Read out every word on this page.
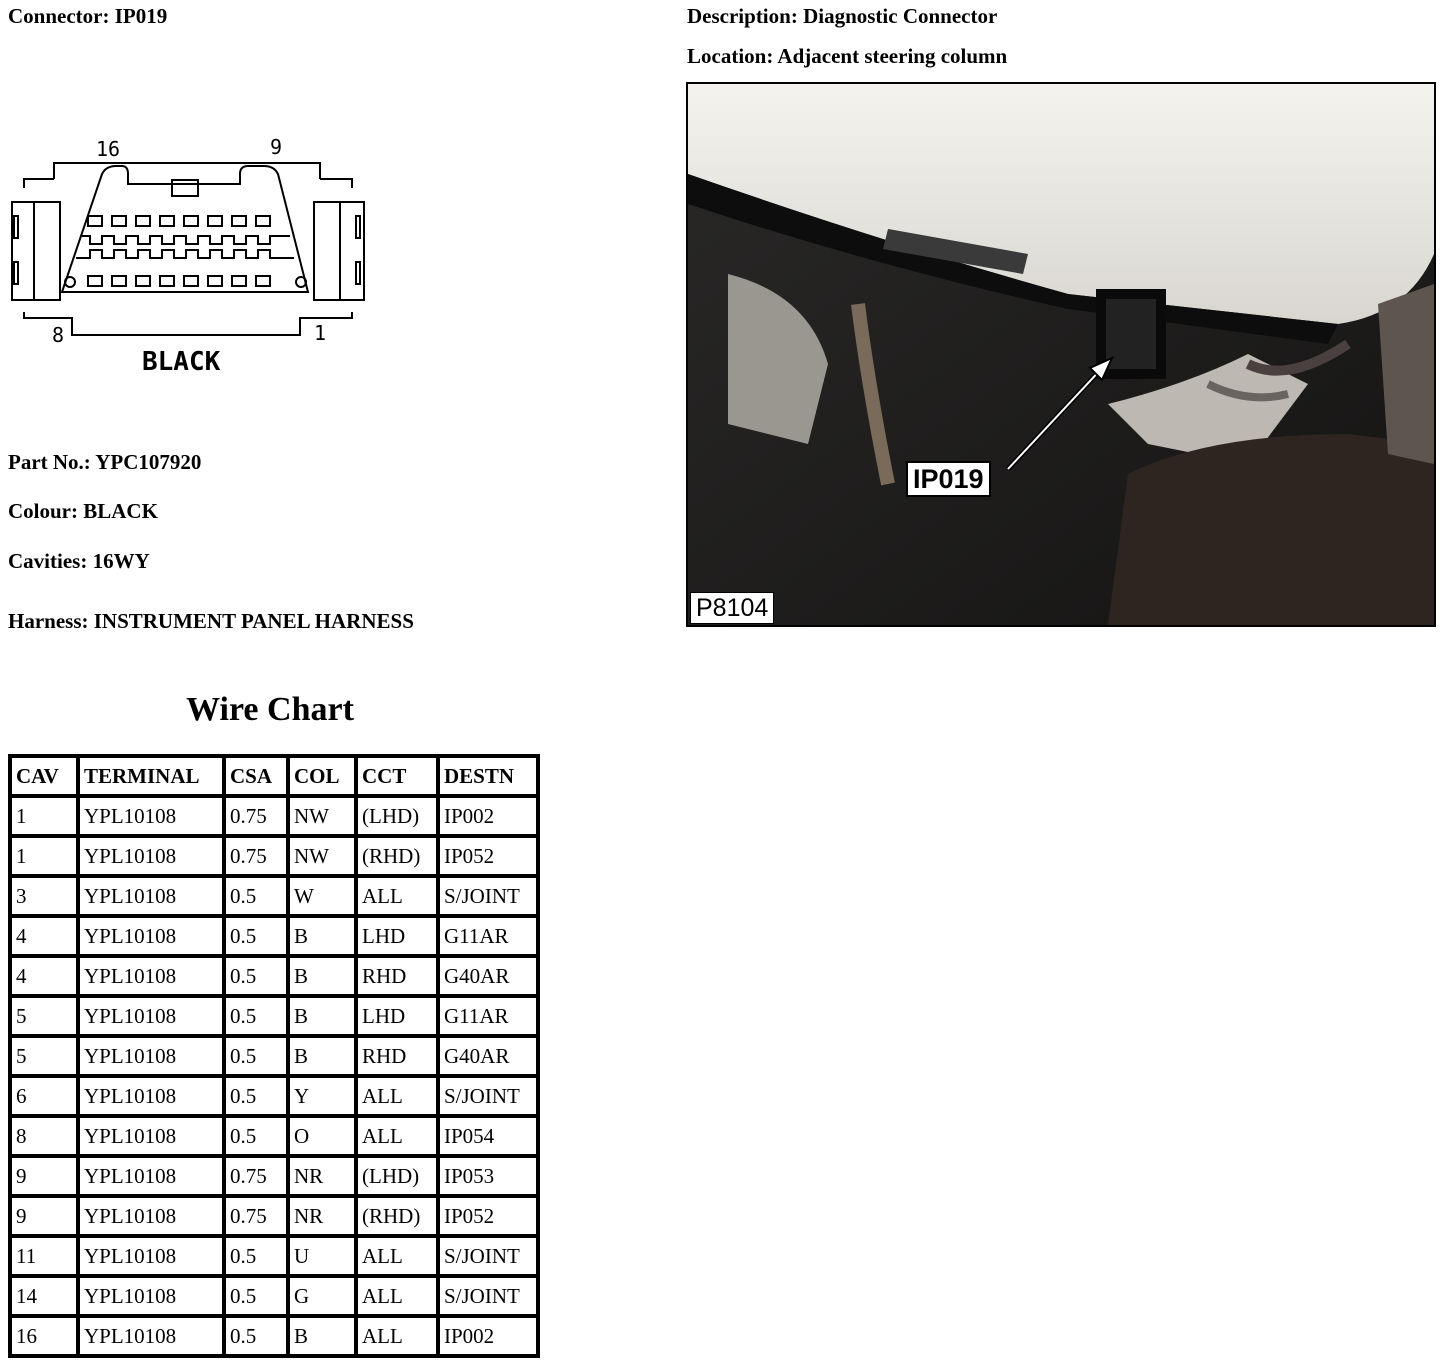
Connector: IP019	Description: Diagnostic Connector
Location: Adjacent steering column
16	9
8	1
BLACK
Part No.: YPC107920
Colour: BLACK
Cavities: 16WY
Harness: INSTRUMENT PANEL HARNESS
Wire Chart
CAV	TERMINAL	CSA	COL	CCT	DESTN
1	YPL10108	0.75	NW	(LHD)	IP002
1	YPL10108	0.75	NW	(RHD)	IP052
3	YPL10108	0.5	W	ALL	S/JOINT
4	YPL10108	0.5	B	LHD	G11AR
4	YPL10108	0.5	B	RHD	G40AR
5	YPL10108	0.5	B	LHD	G11AR
5	YPL10108	0.5	B	RHD	G40AR
6	YPL10108	0.5	Y	ALL	S/JOINT
8	YPL10108	0.5	O	ALL	IP054
9	YPL10108	0.75	NR	(LHD)	IP053
9	YPL10108	0.75	NR	(RHD)	IP052
11	YPL10108	0.5	U	ALL	S/JOINT
14	YPL10108	0.5	G	ALL	S/JOINT
16	YPL10108	0.5	B	ALL	IP002
IP019
P8104
